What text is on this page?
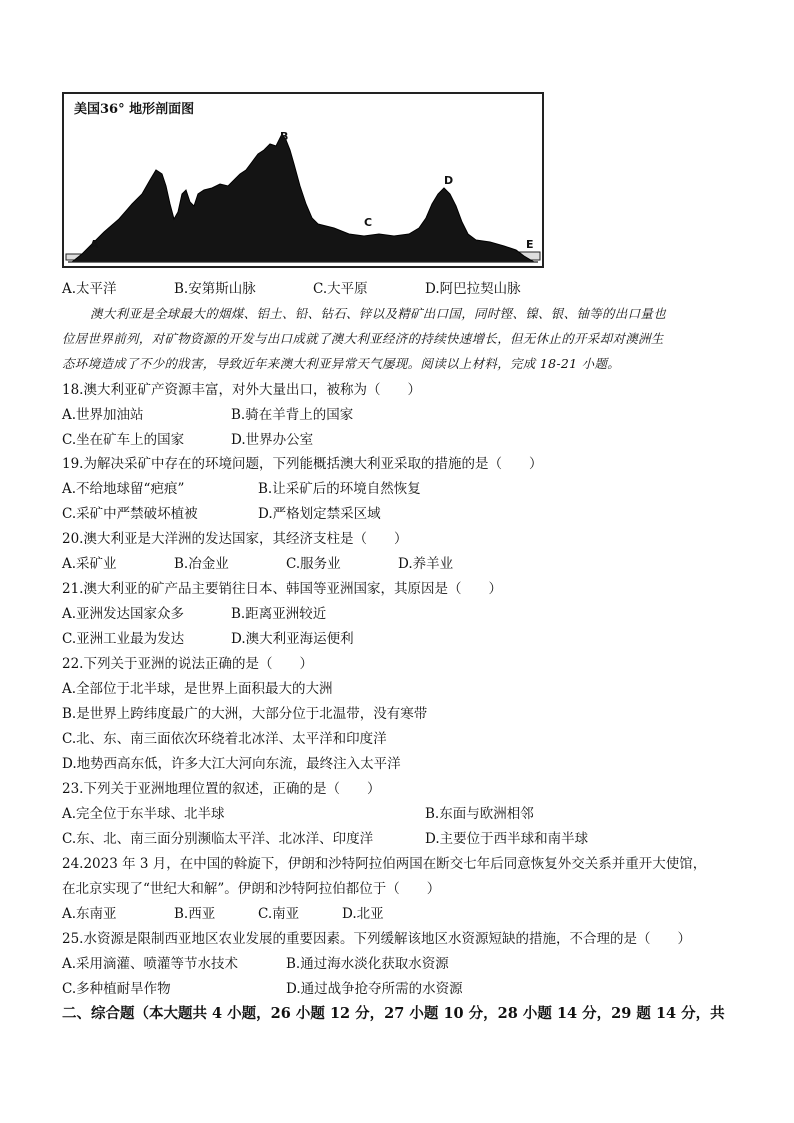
美国36° 地形剖面图
A
B
C
D
E
A.太平洋	B.安第斯山脉	C.大平原	D.阿巴拉契山脉
澳大利亚是全球最大的烟煤、铝土、铅、钻石、锌以及精矿出口国，同时铿、镍、银、铀等的出口量也
位居世界前列，对矿物资源的开发与出口成就了澳大利亚经济的持续快速增长，但无休止的开采却对澳洲生
态环境造成了不少的戕害，导致近年来澳大利亚异常天气屡现。阅读以上材料，完成 18-21 小题。
18.澳大利亚矿产资源丰富，对外大量出口，被称为（　　）
A.世界加油站	B.骑在羊背上的国家
C.坐在矿车上的国家	D.世界办公室
19.为解决采矿中存在的环境问题，下列能概括澳大利亚采取的措施的是（　　）
A.不给地球留“疤痕”	B.让采矿后的环境自然恢复
C.采矿中严禁破坏植被	D.严格划定禁采区域
20.澳大利亚是大洋洲的发达国家，其经济支柱是（　　）
A.采矿业	B.冶金业	C.服务业	D.养羊业
21.澳大利亚的矿产品主要销往日本、韩国等亚洲国家，其原因是（　　）
A.亚洲发达国家众多	B.距离亚洲较近
C.亚洲工业最为发达	D.澳大利亚海运便利
22.下列关于亚洲的说法正确的是（　　）
A.全部位于北半球，是世界上面积最大的大洲
B.是世界上跨纬度最广的大洲，大部分位于北温带，没有寒带
C.北、东、南三面依次环绕着北冰洋、太平洋和印度洋
D.地势西高东低，许多大江大河向东流，最终注入太平洋
23.下列关于亚洲地理位置的叙述，正确的是（　　）
A.完全位于东半球、北半球	B.东面与欧洲相邻
C.东、北、南三面分别濒临太平洋、北冰洋、印度洋	D.主要位于西半球和南半球
24.2023 年 3 月，在中国的斡旋下，伊朗和沙特阿拉伯两国在断交七年后同意恢复外交关系并重开大使馆，
在北京实现了“世纪大和解”。伊朗和沙特阿拉伯都位于（　　）
A.东南亚	B.西亚	C.南亚	D.北亚
25.水资源是限制西亚地区农业发展的重要因素。下列缓解该地区水资源短缺的措施，不合理的是（　　）
A.采用滴灌、喷灌等节水技术	B.通过海水淡化获取水资源
C.多种植耐旱作物	D.通过战争抢夺所需的水资源
二、综合题（本大题共 4 小题，26 小题 12 分，27 小题 10 分，28 小题 14 分，29 题 14 分，共
